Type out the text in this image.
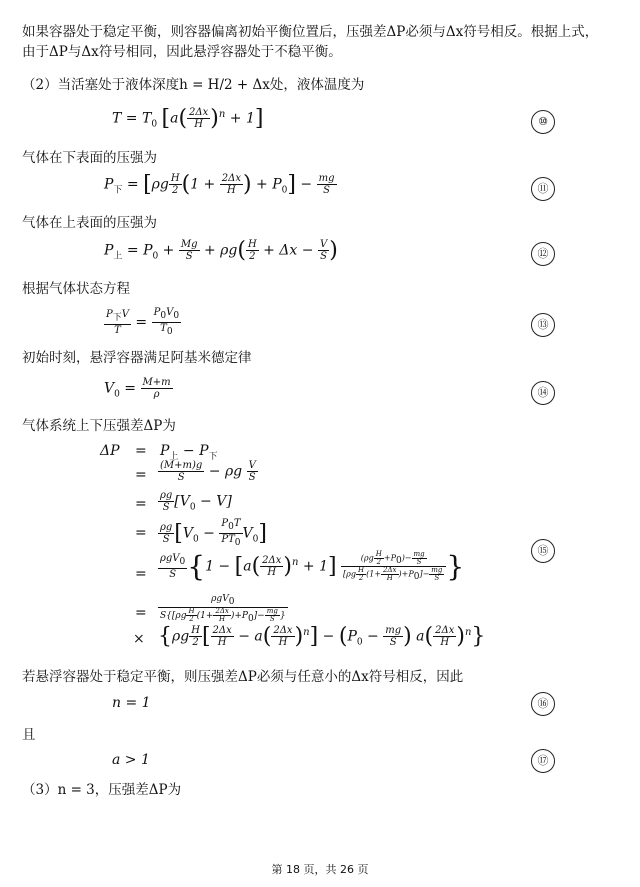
如果容器处于稳定平衡，则容器偏离初始平衡位置后，压强差ΔP必须与Δx符号相反。根据上式，
由于ΔP与Δx符号相同，因此悬浮容器处于不稳平衡。
（2）当活塞处于液体深度h = H/2 + Δx处，液体温度为
$T = T_0$ $[a( \frac{2\Delta x}{H} )^n + 1]$	⑩
气体在下表面的压强为
$P_下 = [\rho g \frac{H}{2} (1 + \frac{2\Delta x}{H}$ ) + $P_0] - \frac{mg}{S}$	⑪
气体在上表面的压强为
$P_上 = P_0 + \frac{Mg}{S} + \rho g( \frac{H}{2} + \Delta x - \frac{V}{S}$ )	⑫
根据气体状态方程
P下V
$T = \frac{P0V0}{T0}$	⑬
初始时刻，悬浮容器满足阿基米德定律
$V_0 = \frac{M+m}{\rho}$	⑭
气体系统上下压强差ΔP为
$\Delta P = P_上 - P_下$
= $\frac{(M+m)g}{S} - \rho g \frac{V}{S}$
= $\frac{\rho g}{S} [V_0 - V]$
= $\frac{\rho g}{S} [V_0 - \frac{P0T}{PT0} V_0]$
=
ρgV0
S {$1 - [a( \frac{2\Delta x}{H} )^n + 1]$	$(\rho g \frac{H}{2} +P0)- \frac{mg}{S}$
$[\rho g \frac{H}{2} (1+ \frac{2\Delta x}{H} )+P0]- \frac{mg}{S}$ }	⑮
=
ρgV0
$S\{[\rho g \frac{H}{2} (1+ \frac{2\Delta x}{H} )+P0]- \frac{mg}{S}$ }
× {$\rho g \frac{H}{2}$ [ $\frac{2\Delta x}{H} - a( \frac{2\Delta x}{H} )^n] - (P_0 - \frac{mg}{S}$ ) $a( \frac{2\Delta x}{H} )^n$}
若悬浮容器处于稳定平衡，则压强差ΔP必须与任意小的Δx符号相反，因此
n = 1	⑯
且
a > 1	⑰
（3）n = 3，压强差ΔP为
第 18 页，共 26 页
